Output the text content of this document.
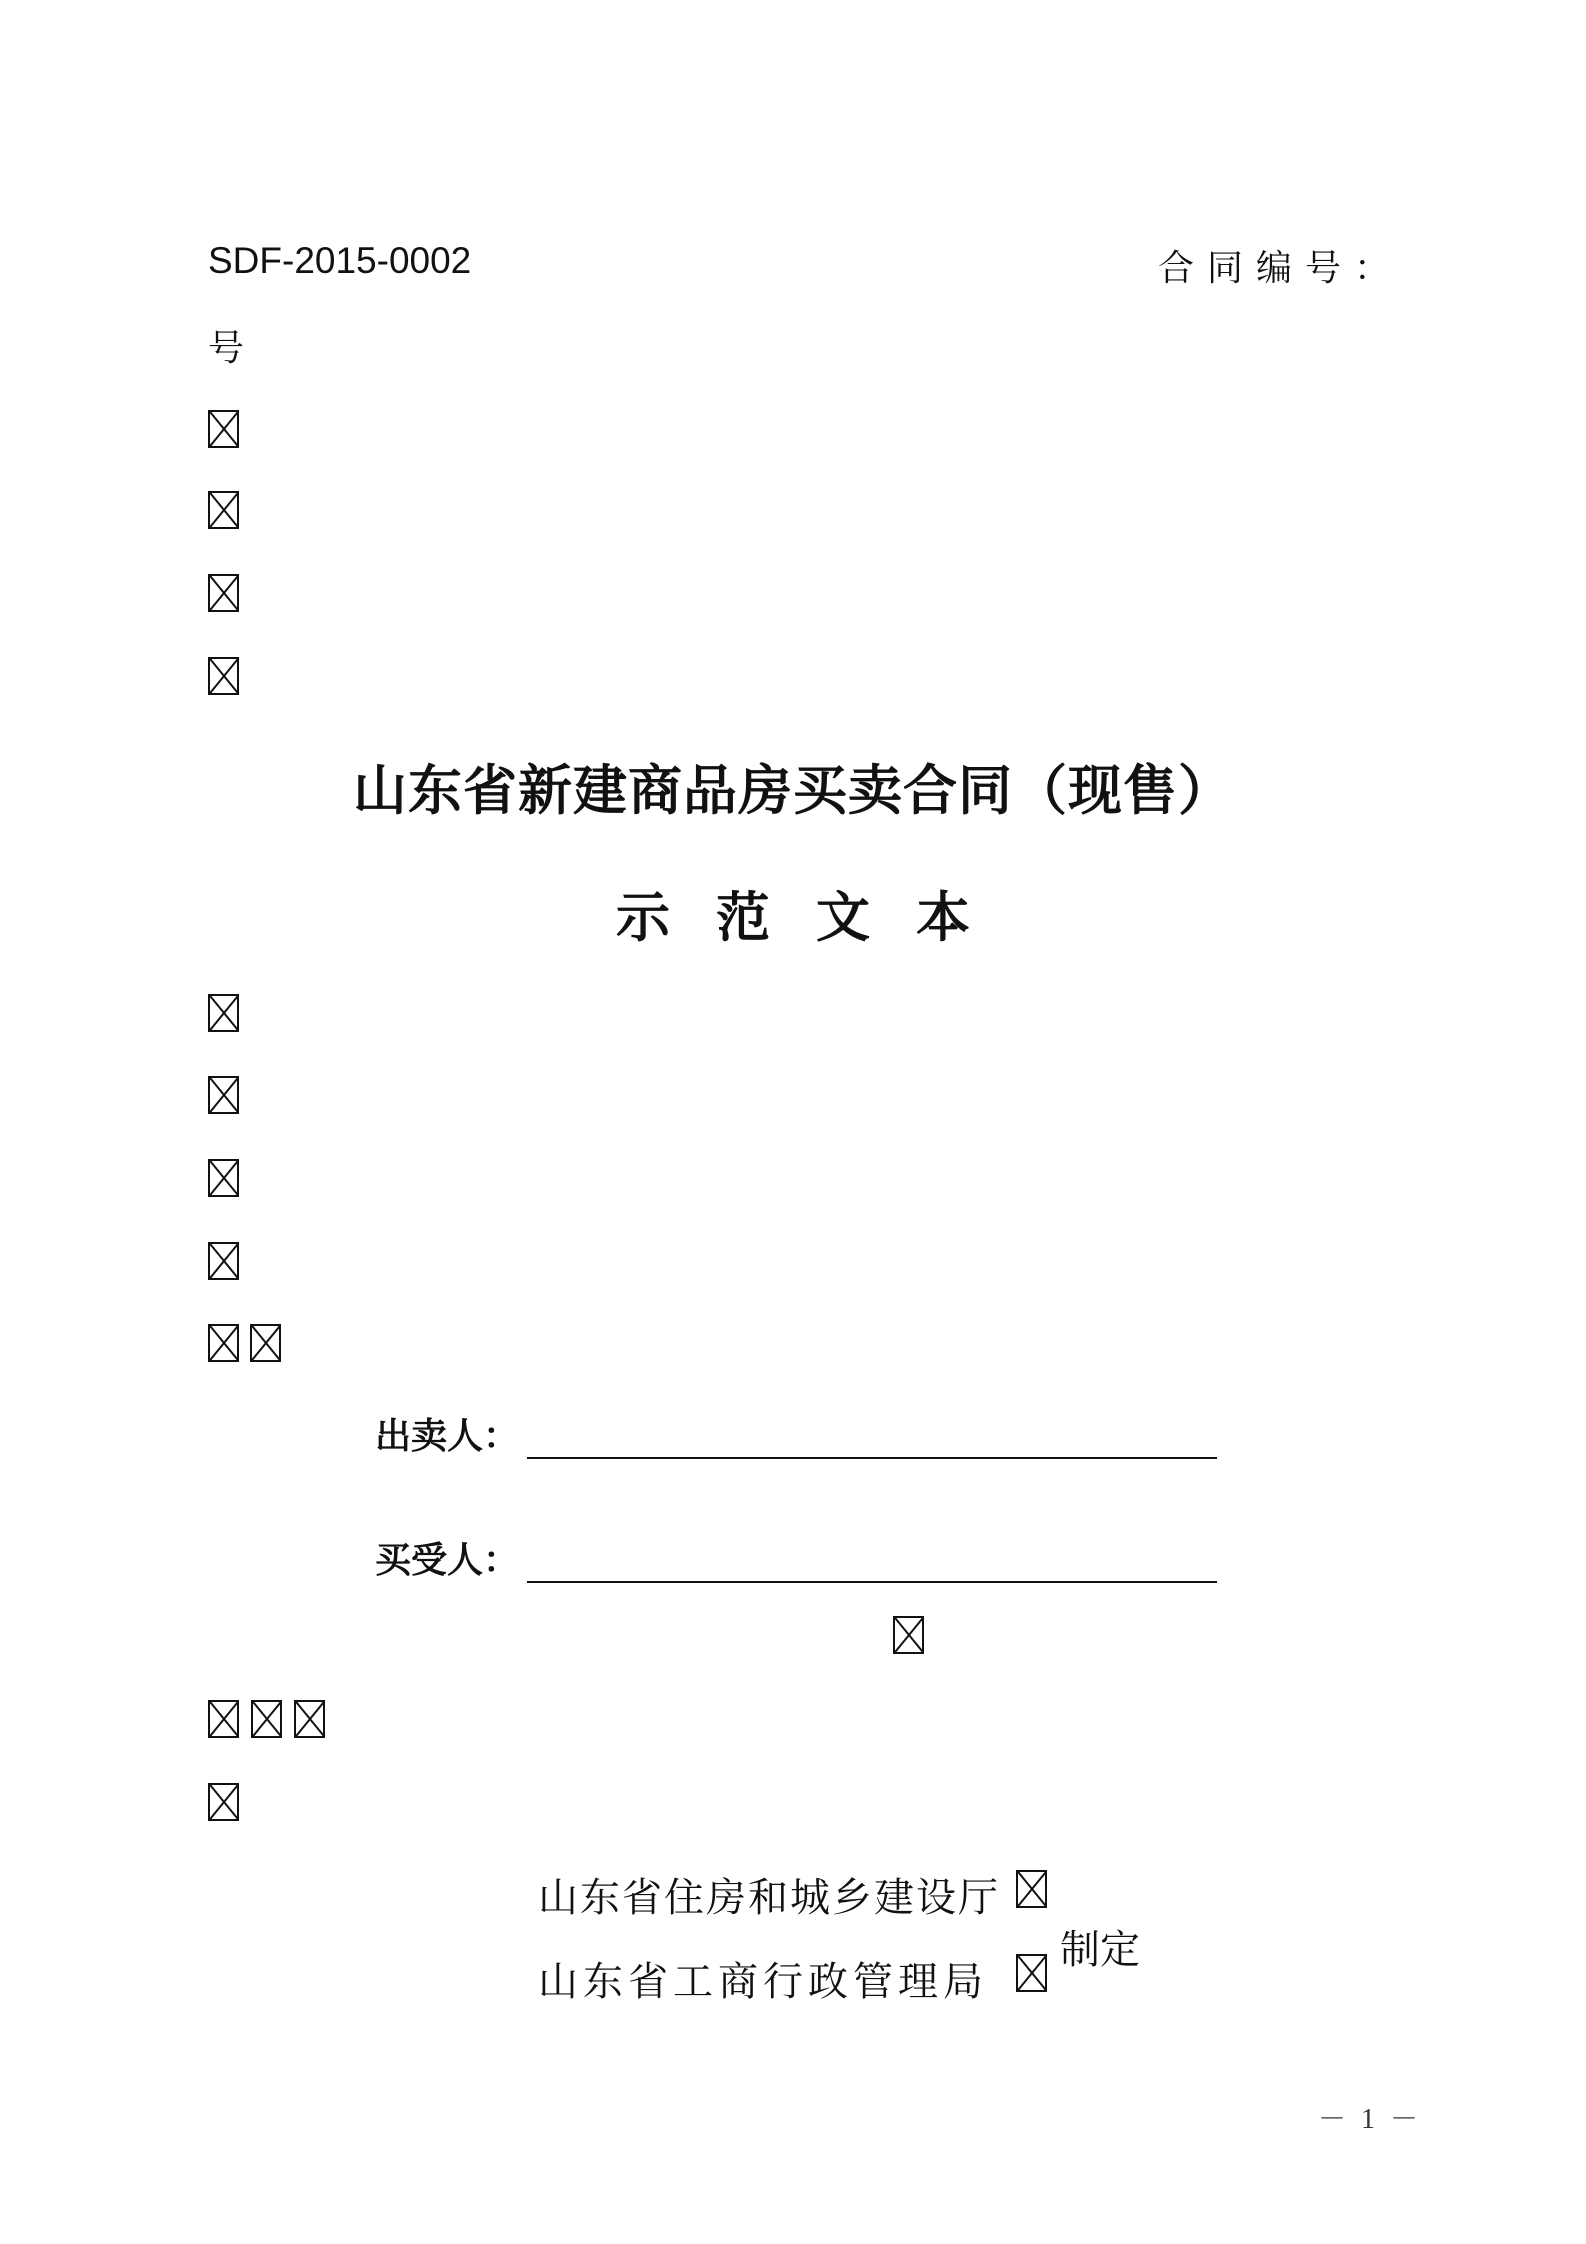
SDF-2015-0002	合同编号：
号
山东省新建商品房买卖合同（现售）
示范文本
出卖人：
买受人：
山东省住房和城乡建设厅
山东省工商行政管理局
制定
－ 1 －
